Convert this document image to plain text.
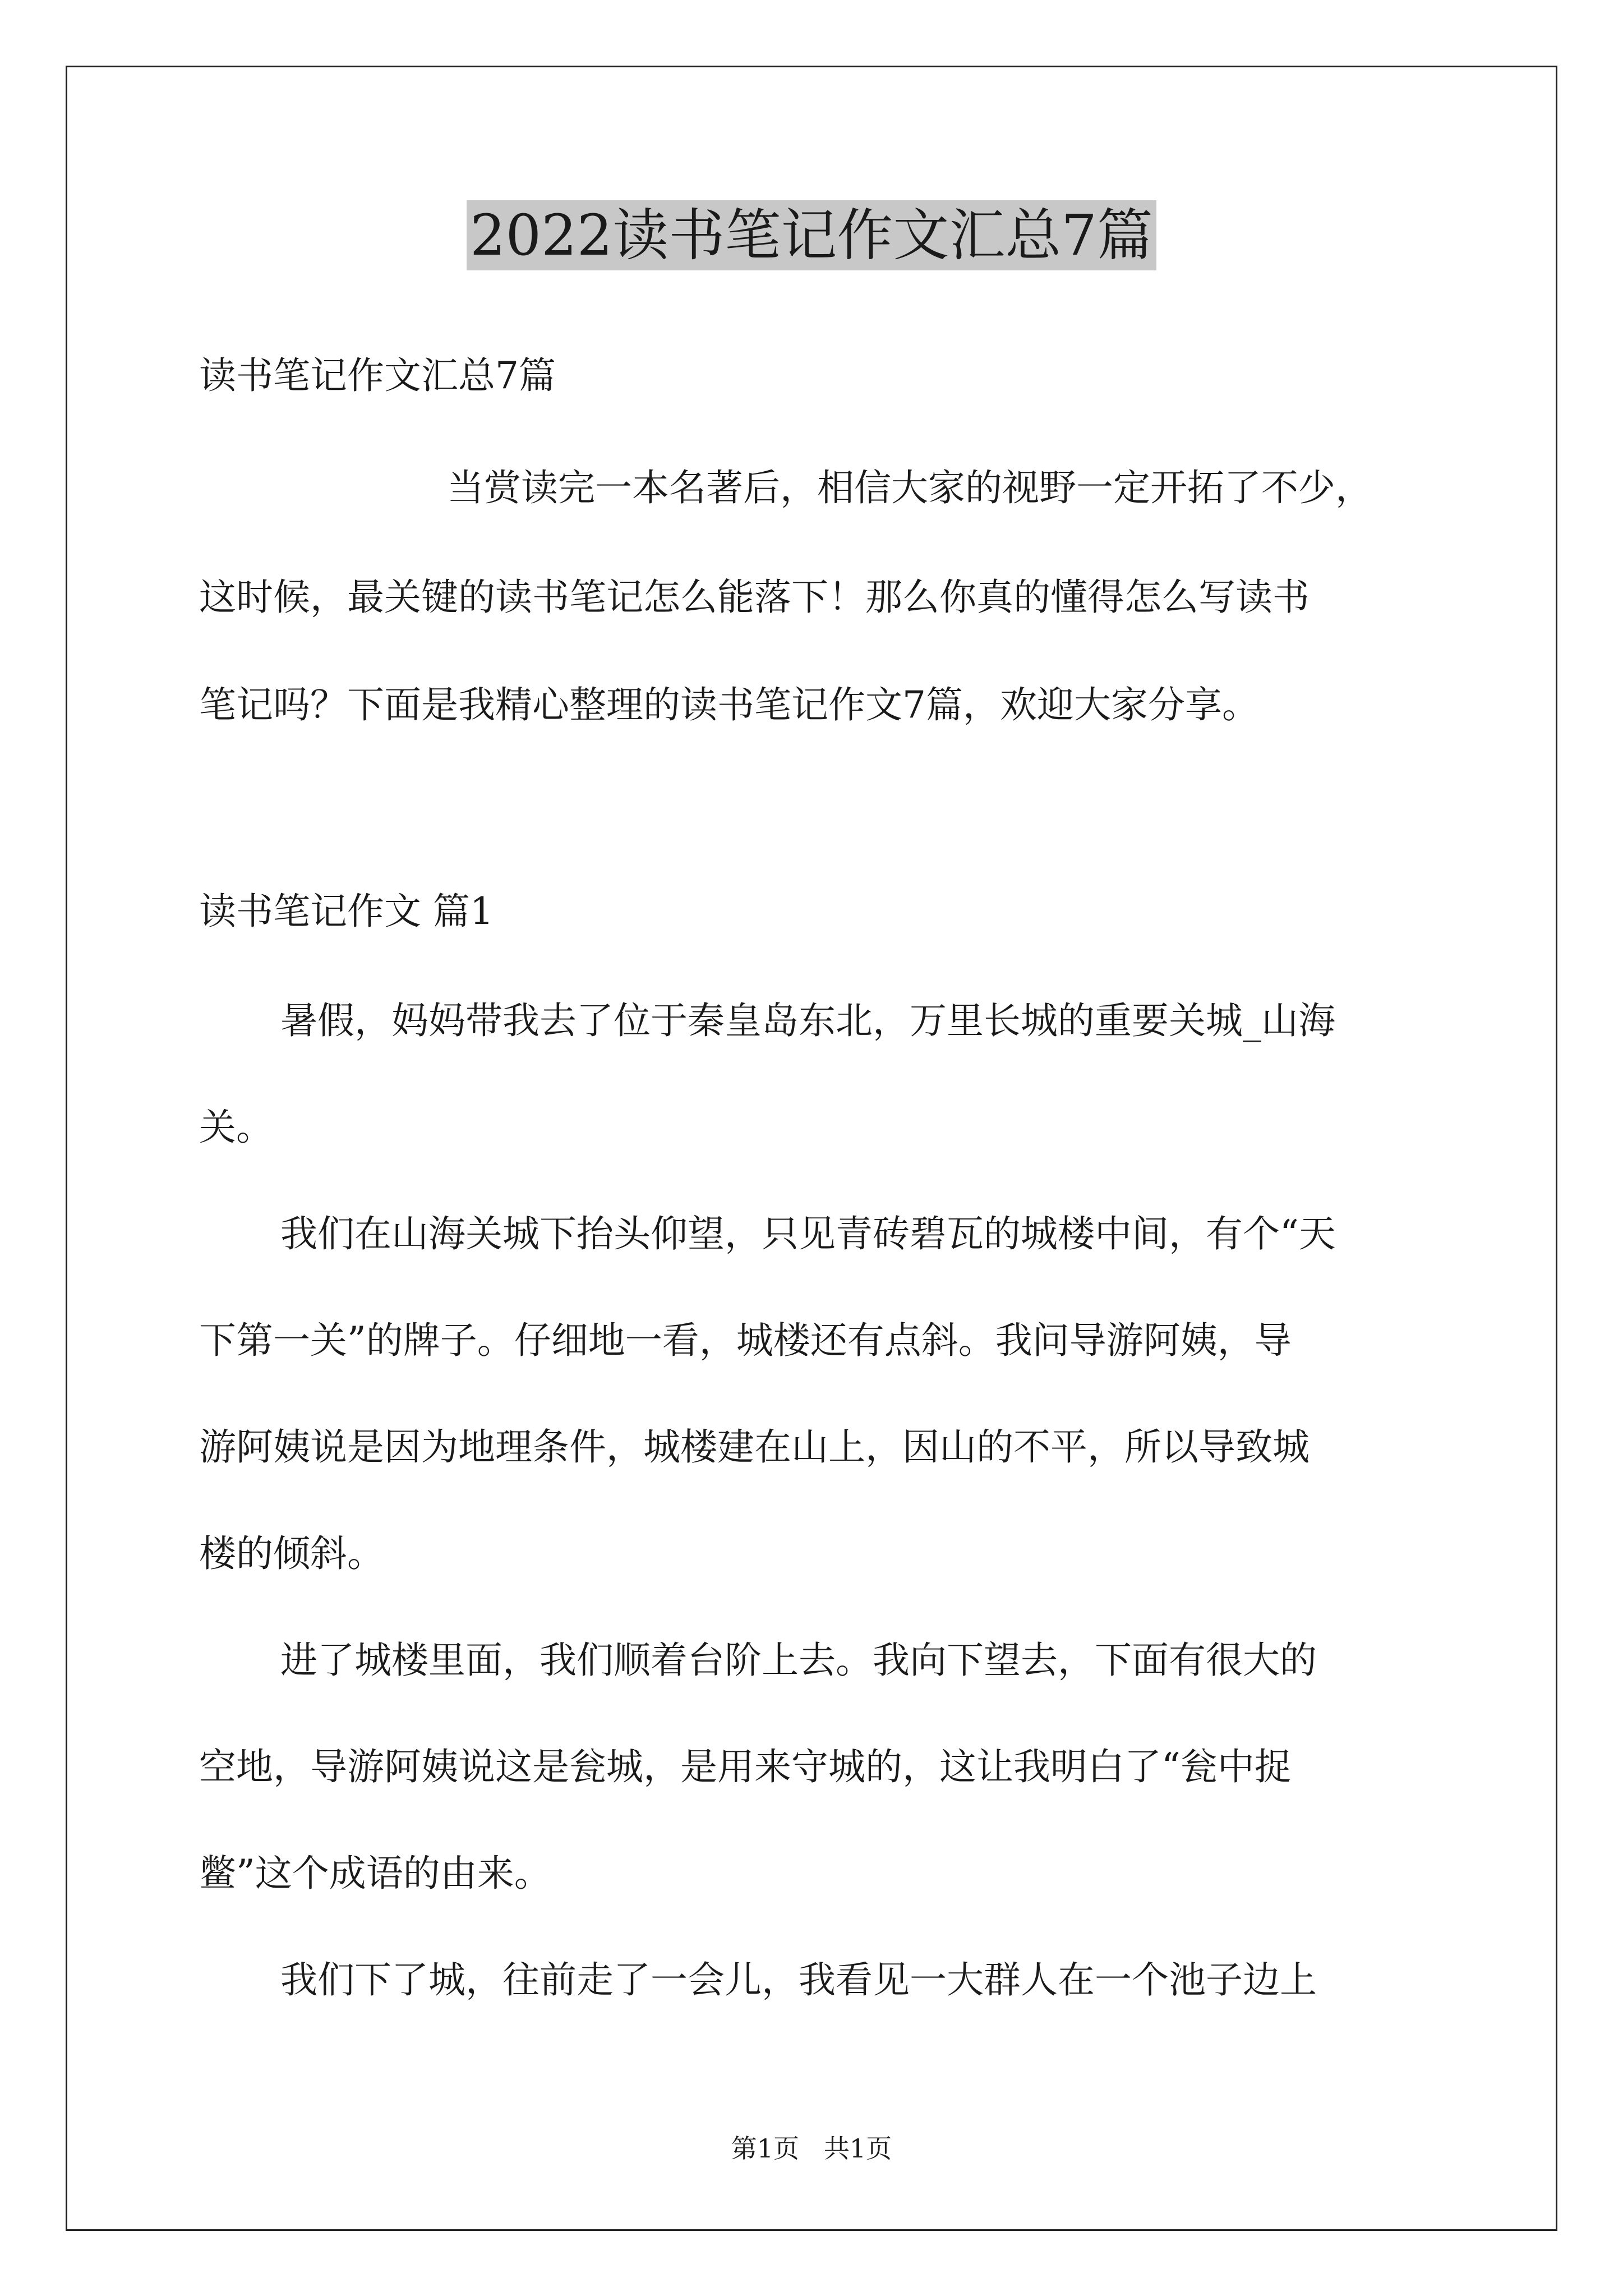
2022读书笔记作文汇总7篇
读书笔记作文汇总7篇
当赏读完一本名著后，相信大家的视野一定开拓了不少，
这时候，最关键的读书笔记怎么能落下！那么你真的懂得怎么写读书
笔记吗？下面是我精心整理的读书笔记作文7篇，欢迎大家分享。
读书笔记作文 篇1
暑假，妈妈带我去了位于秦皇岛东北，万里长城的重要关城_山海
关。
我们在山海关城下抬头仰望，只见青砖碧瓦的城楼中间，有个“天
下第一关”的牌子。仔细地一看，城楼还有点斜。我问导游阿姨，导
游阿姨说是因为地理条件，城楼建在山上，因山的不平，所以导致城
楼的倾斜。
进了城楼里面，我们顺着台阶上去。我向下望去，下面有很大的
空地，导游阿姨说这是瓮城，是用来守城的，这让我明白了“瓮中捉
鳖”这个成语的由来。
我们下了城，往前走了一会儿，我看见一大群人在一个池子边上
第1页   共1页
